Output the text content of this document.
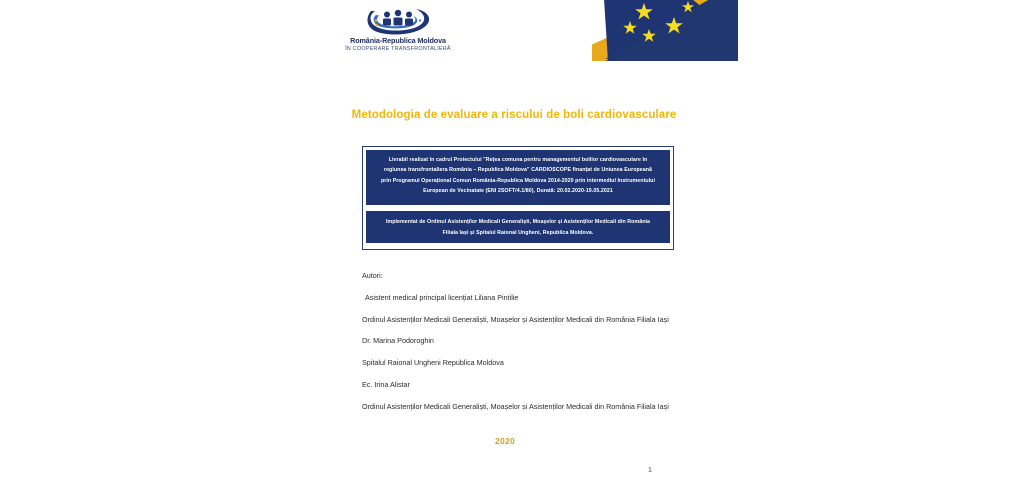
România-Republica Moldova
ÎN COOPERARE TRANSFRONTALIERĂ
Metodologia de evaluare a riscului de boli cardiovasculare

Livrabil realizat în cadrul Proiectului "Rețea comuna pentru managementul bolilor cardiovasculare în

regiunea transfrontaliera România – Republica Moldova" CARDIOSCOPE finanțat de Uniunea Europeană

prin Programul Operațional Comun România-Republica Moldova 2014-2020 prin intermediul Instrumentului

European de Vecinatate (ENI 2SOFT/4.1/80), Durată: 20.02.2020-19.05.2021

Implementat de Ordinul Asistenților Medicali Generaliști, Moașelor și Asistenților Medicali din România

Filiala Iași și Spitalul Raional Ungheni, Republica Moldova.

Autori:

Asistent medical principal licențiat Liliana Pintilie

Ordinul Asistenților Medicali Generaliști, Moașelor și Asistenților Medicali din România Filiala Iași

Dr. Marina Podoroghin

Spitalul Raional Ungheni Republica Moldova

Ec. Irina Alistar

Ordinul Asistenților Medicali Generaliști, Moașelor și Asistenților Medicali din România Filiala Iași

2020
1
